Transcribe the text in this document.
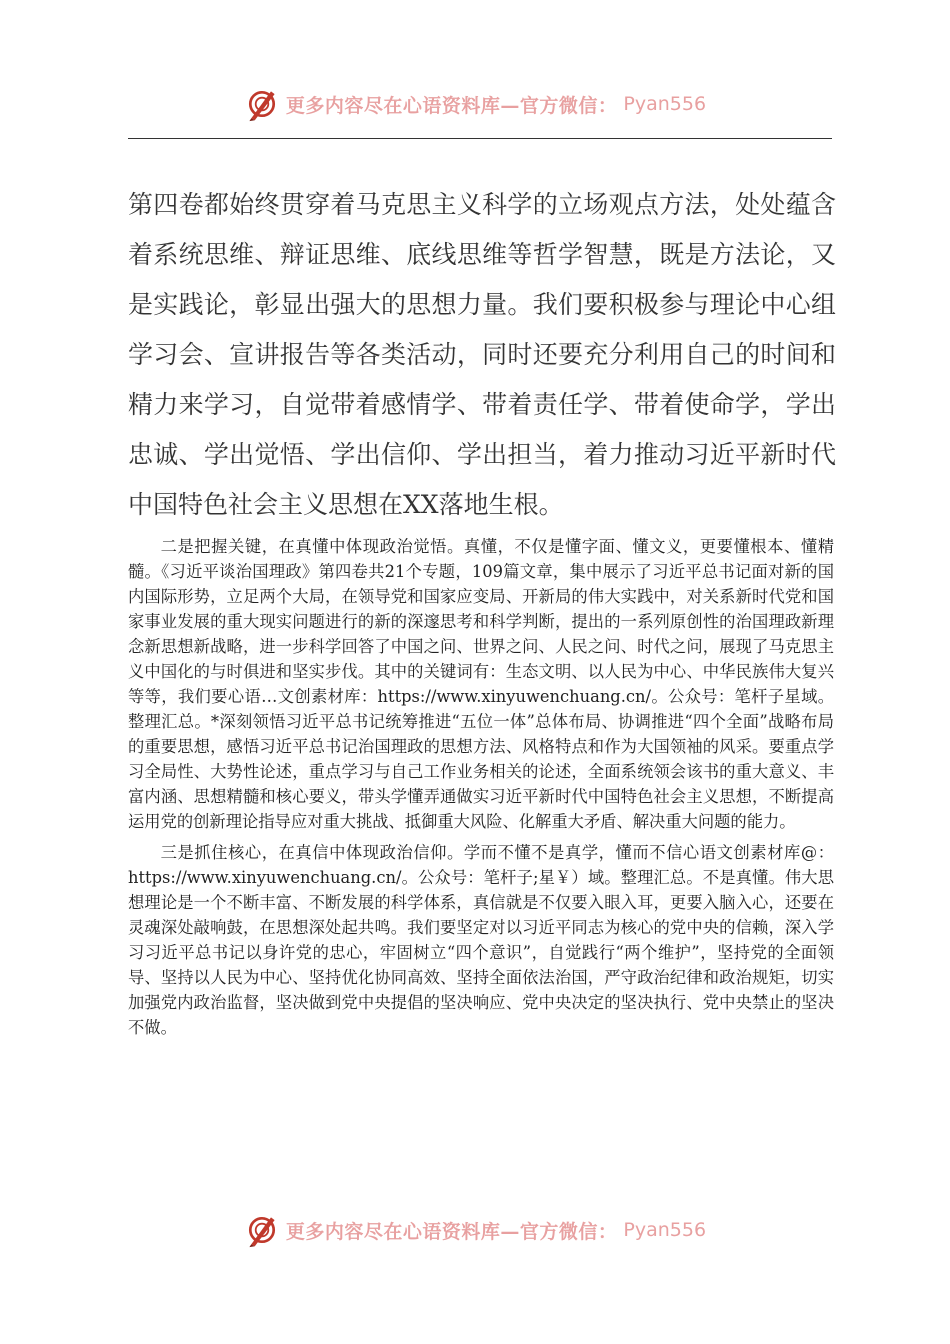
更多内容尽在心语资料库—官方微信： Pyan556

第四卷都始终贯穿着马克思主义科学的立场观点方法，处处蕴含着系统思维、辩证思维、底线思维等哲学智慧，既是方法论，又是实践论，彰显出强大的思想力量。我们要积极参与理论中心组学习会、宣讲报告等各类活动，同时还要充分利用自己的时间和精力来学习，自觉带着感情学、带着责任学、带着使命学，学出忠诚、学出觉悟、学出信仰、学出担当，着力推动习近平新时代中国特色社会主义思想在XX落地生根。

二是把握关键，在真懂中体现政治觉悟。真懂，不仅是懂字面、懂文义，更要懂根本、懂精髓。《习近平谈治国理政》第四卷共21个专题，109篇文章，集中展示了习近平总书记面对新的国内国际形势，立足两个大局，在领导党和国家应变局、开新局的伟大实践中，对关系新时代党和国家事业发展的重大现实问题进行的新的深邃思考和科学判断，提出的一系列原创性的治国理政新理念新思想新战略，进一步科学回答了中国之问、世界之问、人民之问、时代之问，展现了马克思主义中国化的与时俱进和坚实步伐。其中的关键词有：生态文明、以人民为中心、中华民族伟大复兴等等，我们要心语…文创素材库：https://www.xinyuwenchuang.cn/。公众号：笔杆子星域。整理汇总。*深刻领悟习近平总书记统筹推进“五位一体”总体布局、协调推进“四个全面”战略布局的重要思想，感悟习近平总书记治国理政的思想方法、风格特点和作为大国领袖的风采。要重点学习全局性、大势性论述，重点学习与自己工作业务相关的论述，全面系统领会该书的重大意义、丰富内涵、思想精髓和核心要义，带头学懂弄通做实习近平新时代中国特色社会主义思想，不断提高运用党的创新理论指导应对重大挑战、抵御重大风险、化解重大矛盾、解决重大问题的能力。

三是抓住核心，在真信中体现政治信仰。学而不懂不是真学，懂而不信心语文创素材库@：https://www.xinyuwenchuang.cn/。公众号：笔杆子;星￥）域。整理汇总。不是真懂。伟大思想理论是一个不断丰富、不断发展的科学体系，真信就是不仅要入眼入耳，更要入脑入心，还要在灵魂深处敲响鼓，在思想深处起共鸣。我们要坚定对以习近平同志为核心的党中央的信赖，深入学习习近平总书记以身许党的忠心，牢固树立“四个意识”，自觉践行“两个维护”，坚持党的全面领导、坚持以人民为中心、坚持优化协同高效、坚持全面依法治国，严守政治纪律和政治规矩，切实加强党内政治监督，坚决做到党中央提倡的坚决响应、党中央决定的坚决执行、党中央禁止的坚决不做。

更多内容尽在心语资料库—官方微信： Pyan556
